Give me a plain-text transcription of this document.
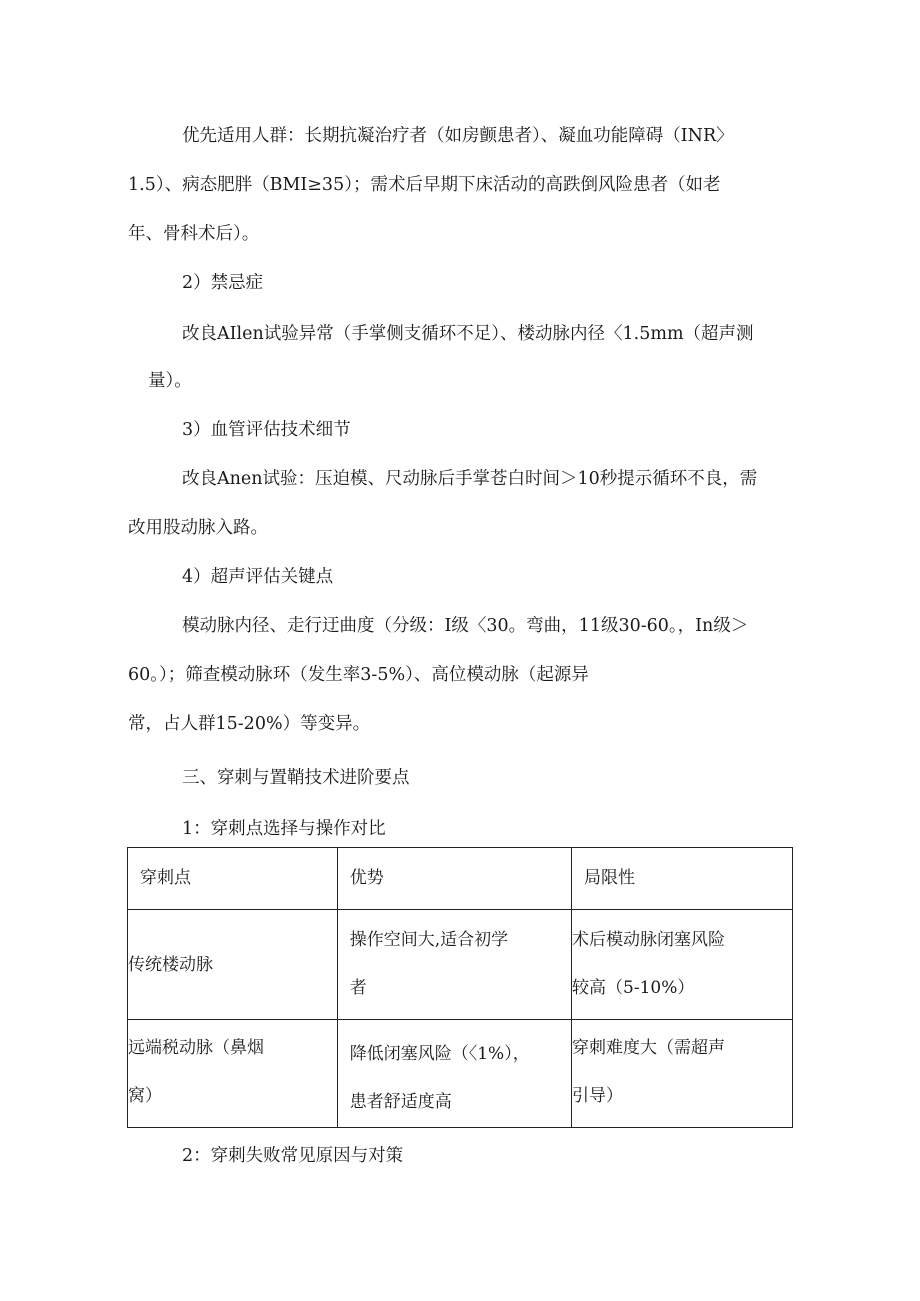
优先适用人群：长期抗凝治疗者（如房颤患者）、凝血功能障碍（INR〉
1.5）、病态肥胖（BMI≥35）；需术后早期下床活动的高跌倒风险患者（如老
年、骨科术后）。
2）禁忌症
改良AIlen试验异常（手掌侧支循环不足）、楼动脉内径〈1.5mm（超声测
量）。
3）血管评估技术细节
改良Anen试验：压迫模、尺动脉后手掌苍白时间＞10秒提示循环不良，需
改用股动脉入路。
4）超声评估关键点
模动脉内径、走行迂曲度（分级：I级〈30。弯曲，11级30-60。，In级＞
60。）；筛查模动脉环（发生率3-5%）、高位模动脉（起源异
常，占人群15-20%）等变异。
三、穿刺与置鞘技术进阶要点
1：穿刺点选择与操作对比
穿刺点	优势	局限性

传统楼动脉	操作空间大,适合初学
者	术后模动脉闭塞风险
较高（5-10%）

远端税动脉（鼻烟
窝）	降低闭塞风险（〈1%），
患者舒适度高	穿刺难度大（需超声
引导）
2：穿刺失败常见原因与对策
